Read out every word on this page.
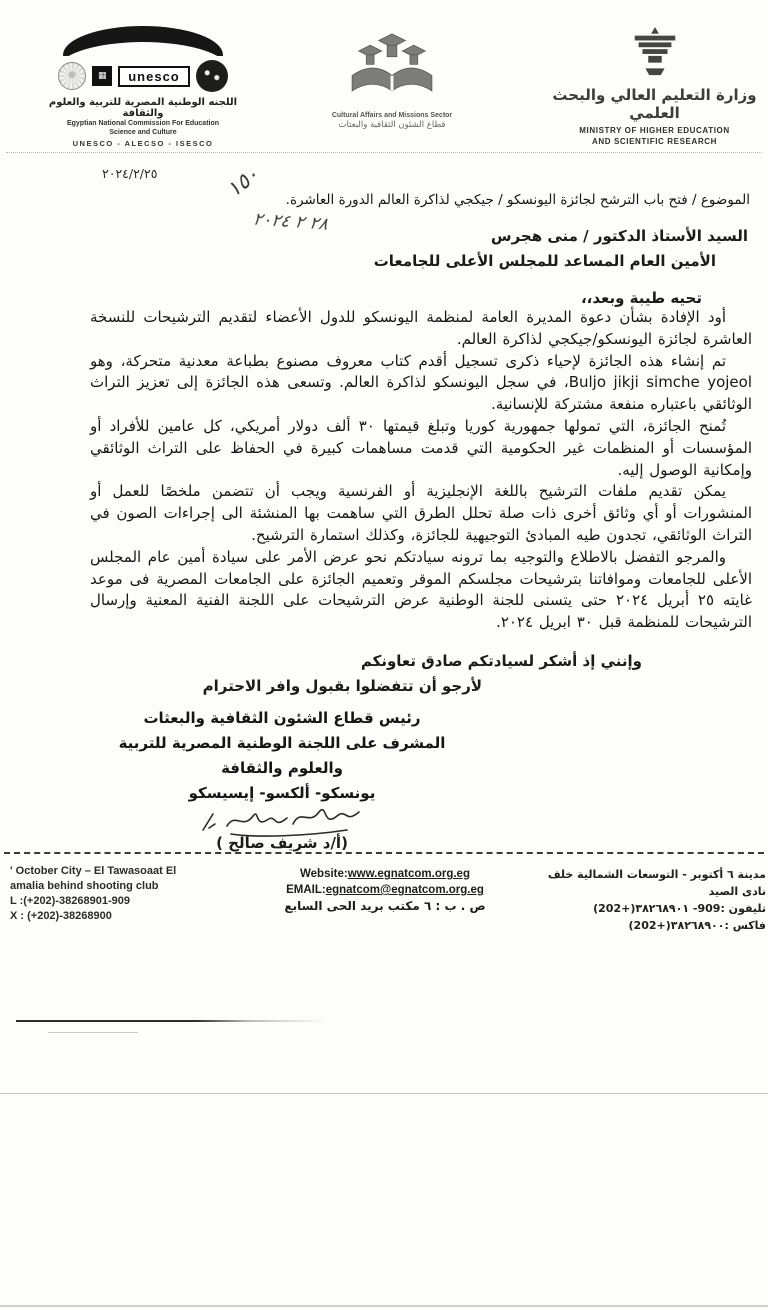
▦	unesco
اللجنه الوطنية المصرية للتربية والعلوم والثقافة
Egyptian National Commission For Education
Science and Culture
UNESCO - ALECSO - ISESCO
Cultural Affairs and Missions Sector
قطاع الشئون الثقافية والبعثات
وزارة التعليم العالي والبحث العلمي
MINISTRY OF HIGHER EDUCATION
AND SCIENTIFIC RESEARCH
٢٠٢٤/٢/٢٥	١٥٠
٢٨ ٢ ٢٠٢٤
الموضوع / فتح باب الترشح لجائزة اليونسكو / جيكجي لذاكرة العالم الدورة العاشرة.
السيد الأستاذ الدكتور / منى هجرس
الأمين العام المساعد للمجلس الأعلى للجامعات
تحيه طيبة وبعد،،

أود الإفادة بشأن دعوة المديرة العامة لمنظمة اليونسكو للدول الأعضاء لتقديم الترشيحات للنسخة العاشرة لجائزة اليونسكو/جيكجي لذاكرة العالم.

تم إنشاء هذه الجائزة لإحياء ذكرى تسجيل أقدم كتاب معروف مصنوع بطباعة معدنية متحركة، وهو Buljo jikji simche yojeol، في سجل اليونسكو لذاكرة العالم. وتسعى هذه الجائزة إلى تعزيز التراث الوثائقي باعتباره منفعة مشتركة للإنسانية.

تُمنح الجائزة، التي تمولها جمهورية كوريا وتبلغ قيمتها ٣٠ ألف دولار أمريكي، كل عامين للأفراد أو المؤسسات أو المنظمات غير الحكومية التي قدمت مساهمات كبيرة في الحفاظ على التراث الوثائقي وإمكانية الوصول إليه.

يمكن تقديم ملفات الترشيح باللغة الإنجليزية أو الفرنسية ويجب أن تتضمن ملخصًا للعمل أو المنشورات أو أي وثائق أخرى ذات صلة تحلل الطرق التي ساهمت بها المنشئة الى إجراءات الصون في التراث الوثائقي، تجدون طيه المبادئ التوجيهية للجائزة، وكذلك استمارة الترشيح.

والمرجو التفضل بالاطلاع والتوجيه بما ترونه سيادتكم نحو عرض الأمر على سيادة أمين عام المجلس الأعلى للجامعات وموافاتنا بترشيحات مجلسكم الموقر وتعميم الجائزة على الجامعات المصرية فى موعد غايته ٢٥ أبريل ٢٠٢٤ حتى يتسنى للجنة الوطنية عرض الترشيحات على اللجنة الفنية المعنية وإرسال الترشيحات للمنظمة قبل ٣٠ ابريل ٢٠٢٤.

وإنني إذ أشكر لسيادتكم صادق تعاونكم
لأرجو أن تتفضلوا بقبول وافر الاحترام
رئيس قطاع الشئون الثقافية والبعثات
المشرف على اللجنة الوطنية المصرية للتربية والعلوم والثقافة
يونسكو- ألكسو- إيسيسكو
(أ/د شريف صالح )
' October City – El Tawasoaat El
amalia behind shooting club
L :(+202)-38268901-909
X : (+202)-38268900
Website:www.egnatcom.org.eg
EMAIL:egnatcom@egnatcom.org.eg
ص . ب : ٦ مكتب بريد الحى السابع
مدينة ٦ أكتوبر - التوسعات الشمالية خلف نادى الصيد
تليفون :909- ٣٨٢٦٨٩٠١(+202)
فاكس :٣٨٢٦٨٩٠٠(+202)
